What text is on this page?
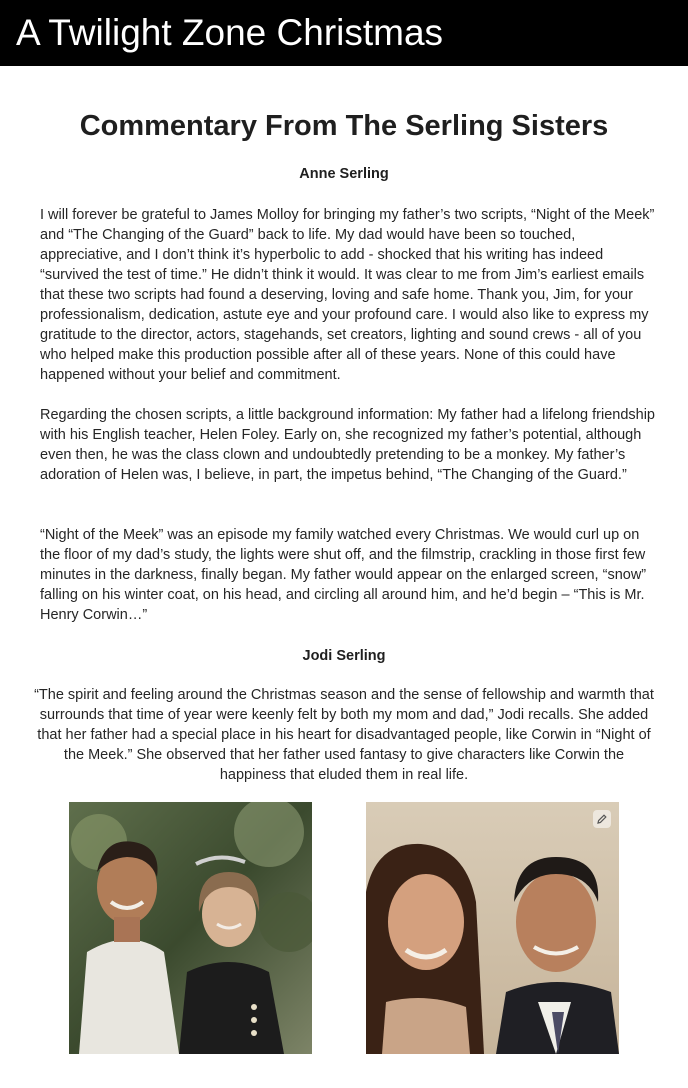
A Twilight Zone Christmas
Commentary From The Serling Sisters
Anne Serling

I will forever be grateful to James Molloy for bringing my father’s two scripts, “Night of the Meek” and “The Changing of the Guard” back to life. My dad would have been so touched, appreciative, and I don’t think it’s hyperbolic to add - shocked that his writing has indeed “survived the test of time.” He didn’t think it would. It was clear to me from Jim’s earliest emails that these two scripts had found a deserving, loving and safe home. Thank you, Jim, for your professionalism, dedication, astute eye and your profound care. I would also like to express my gratitude to the director, actors, stagehands, set creators, lighting and sound crews - all of you who helped make this production possible after all of these years. None of this could have happened without your belief and commitment.

Regarding the chosen scripts, a little background information: My father had a lifelong friendship with his English teacher, Helen Foley. Early on, she recognized my father’s potential, although even then, he was the class clown and undoubtedly pretending to be a monkey. My father’s adoration of Helen was, I believe, in part, the impetus behind, “The Changing of the Guard.”

“Night of the Meek” was an episode my family watched every Christmas. We would curl up on the floor of my dad’s study, the lights were shut off, and the filmstrip, crackling in those first few minutes in the darkness, finally began. My father would appear on the enlarged screen, “snow” falling on his winter coat, on his head, and circling all around him, and he’d begin – “This is Mr. Henry Corwin…”

Jodi Serling

“The spirit and feeling around the Christmas season and the sense of fellowship and warmth that surrounds that time of year were keenly felt by both my mom and dad,” Jodi recalls. She added that her father had a special place in his heart for disadvantaged people, like Corwin in “Night of the Meek.” She observed that her father used fantasy to give characters like Corwin the happiness that eluded them in real life.
